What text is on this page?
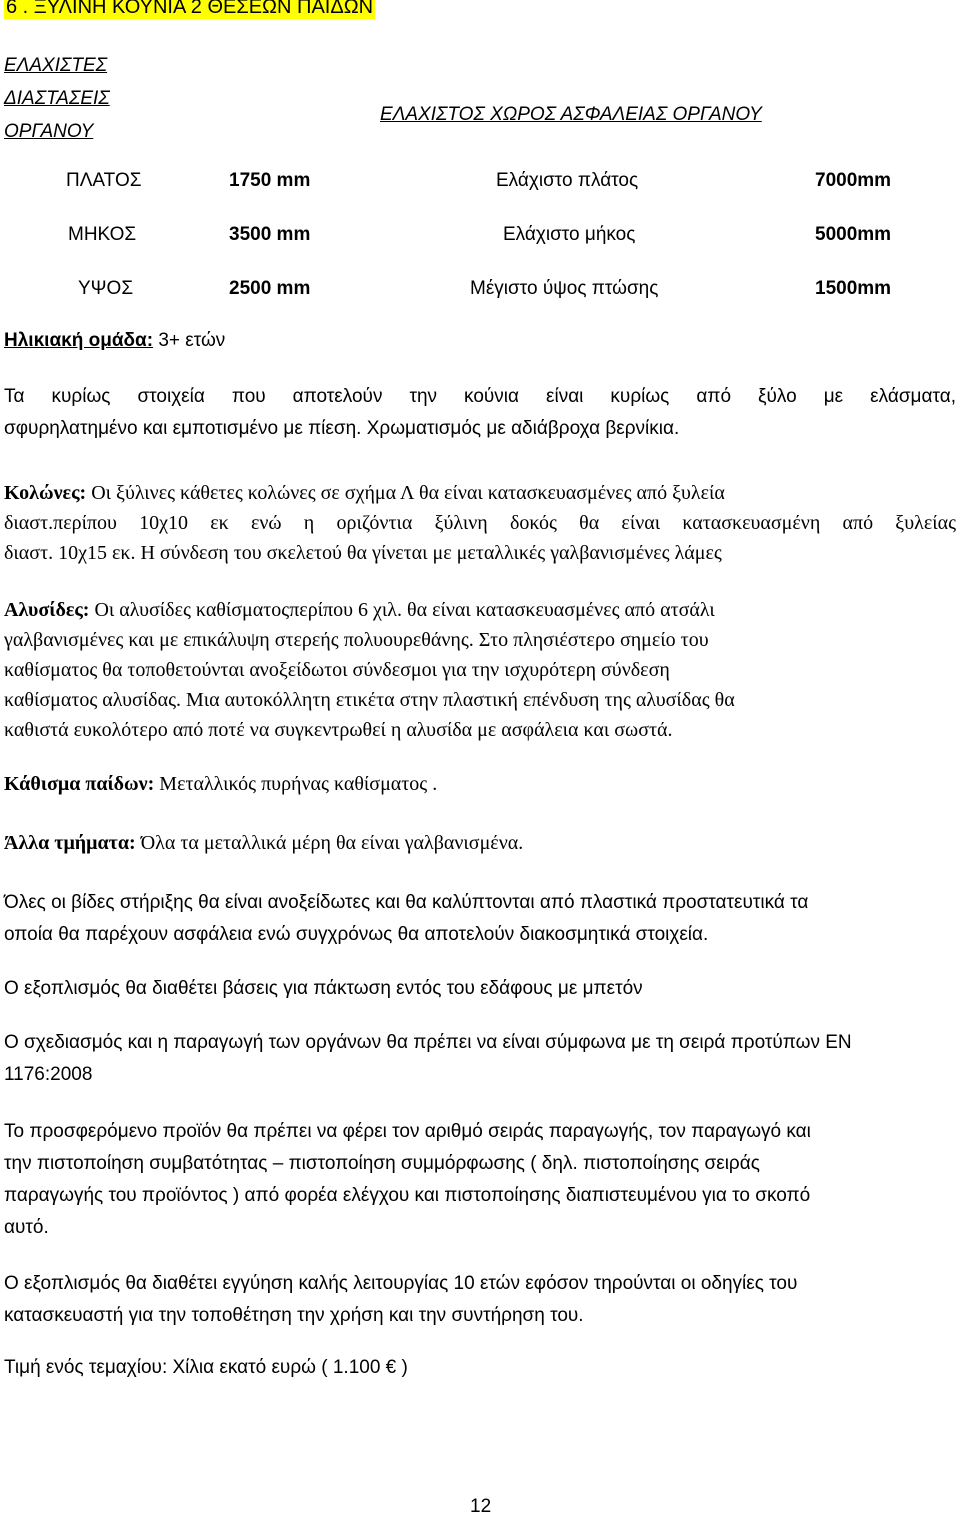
6 . ΞΥΛΙΝΗ ΚΟΥΝΙΑ 2 ΘΕΣΕΩΝ ΠΑΙΔΩΝ
ΕΛΑΧΙΣΤΕΣ
ΔΙΑΣΤΑΣΕΙΣ
ΟΡΓΑΝΟΥ
ΕΛΑΧΙΣΤΟΣ ΧΩΡΟΣ ΑΣΦΑΛΕΙΑΣ ΟΡΓΑΝΟΥ
ΠΛΑΤΟΣ	1750 mm	Ελάχιστο πλάτος	7000mm
ΜΗΚΟΣ	3500 mm	Ελάχιστο μήκος	5000mm
ΥΨΟΣ	2500 mm	Μέγιστο ύψος πτώσης	1500mm
Ηλικιακή ομάδα: 3+ ετών
Τα κυρίως στοιχεία που αποτελούν την κούνια είναι κυρίως από ξύλο με ελάσματα,
σφυρηλατημένο και εμποτισμένο με πίεση. Χρωματισμός με αδιάβροχα βερνίκια.
Κολώνες: Οι ξύλινες κάθετες κολώνες σε σχήμα Λ θα είναι κατασκευασμένες από ξυλεία
διαστ.περίπου 10χ10 εκ ενώ η οριζόντια ξύλινη δοκός θα είναι κατασκευασμένη από ξυλείας
διαστ. 10χ15 εκ. Η σύνδεση του σκελετού θα γίνεται με μεταλλικές γαλβανισμένες λάμες
Αλυσίδες: Οι αλυσίδες καθίσματοςπερίπου 6 χιλ. θα είναι κατασκευασμένες από ατσάλι
γαλβανισμένες και με επικάλυψη στερεής πολυουρεθάνης. Στο πλησιέστερο σημείο του
καθίσματος θα τοποθετούνται ανοξείδωτοι σύνδεσμοι για την ισχυρότερη σύνδεση
καθίσματος αλυσίδας. Μια αυτοκόλλητη ετικέτα στην πλαστική επένδυση της αλυσίδας θα
καθιστά ευκολότερο από ποτέ να συγκεντρωθεί η αλυσίδα με ασφάλεια και σωστά.
Κάθισμα παίδων: Μεταλλικός πυρήνας καθίσματος .
Άλλα τμήματα: Όλα τα μεταλλικά μέρη θα είναι γαλβανισμένα.
Όλες οι βίδες στήριξης θα είναι ανοξείδωτες και θα καλύπτονται από πλαστικά προστατευτικά τα
οποία θα παρέχουν ασφάλεια ενώ συγχρόνως θα αποτελούν διακοσμητικά στοιχεία.
Ο εξοπλισμός θα διαθέτει βάσεις για πάκτωση εντός του εδάφους με μπετόν
Ο σχεδιασμός και η παραγωγή των οργάνων θα πρέπει να είναι σύμφωνα με τη σειρά προτύπων ΕΝ
1176:2008
Το προσφερόμενο προϊόν θα πρέπει να φέρει τον αριθμό σειράς παραγωγής, τον παραγωγό και
την πιστοποίηση συμβατότητας – πιστοποίηση συμμόρφωσης ( δηλ. πιστοποίησης σειράς
παραγωγής του προϊόντος ) από φορέα ελέγχου και πιστοποίησης διαπιστευμένου για το σκοπό
αυτό.
Ο εξοπλισμός θα διαθέτει εγγύηση καλής λειτουργίας 10 ετών εφόσον τηρούνται οι οδηγίες του
κατασκευαστή για την τοποθέτηση την χρήση και την συντήρηση του.
Τιμή ενός τεμαχίου: Χίλια εκατό ευρώ ( 1.100 € )
12
